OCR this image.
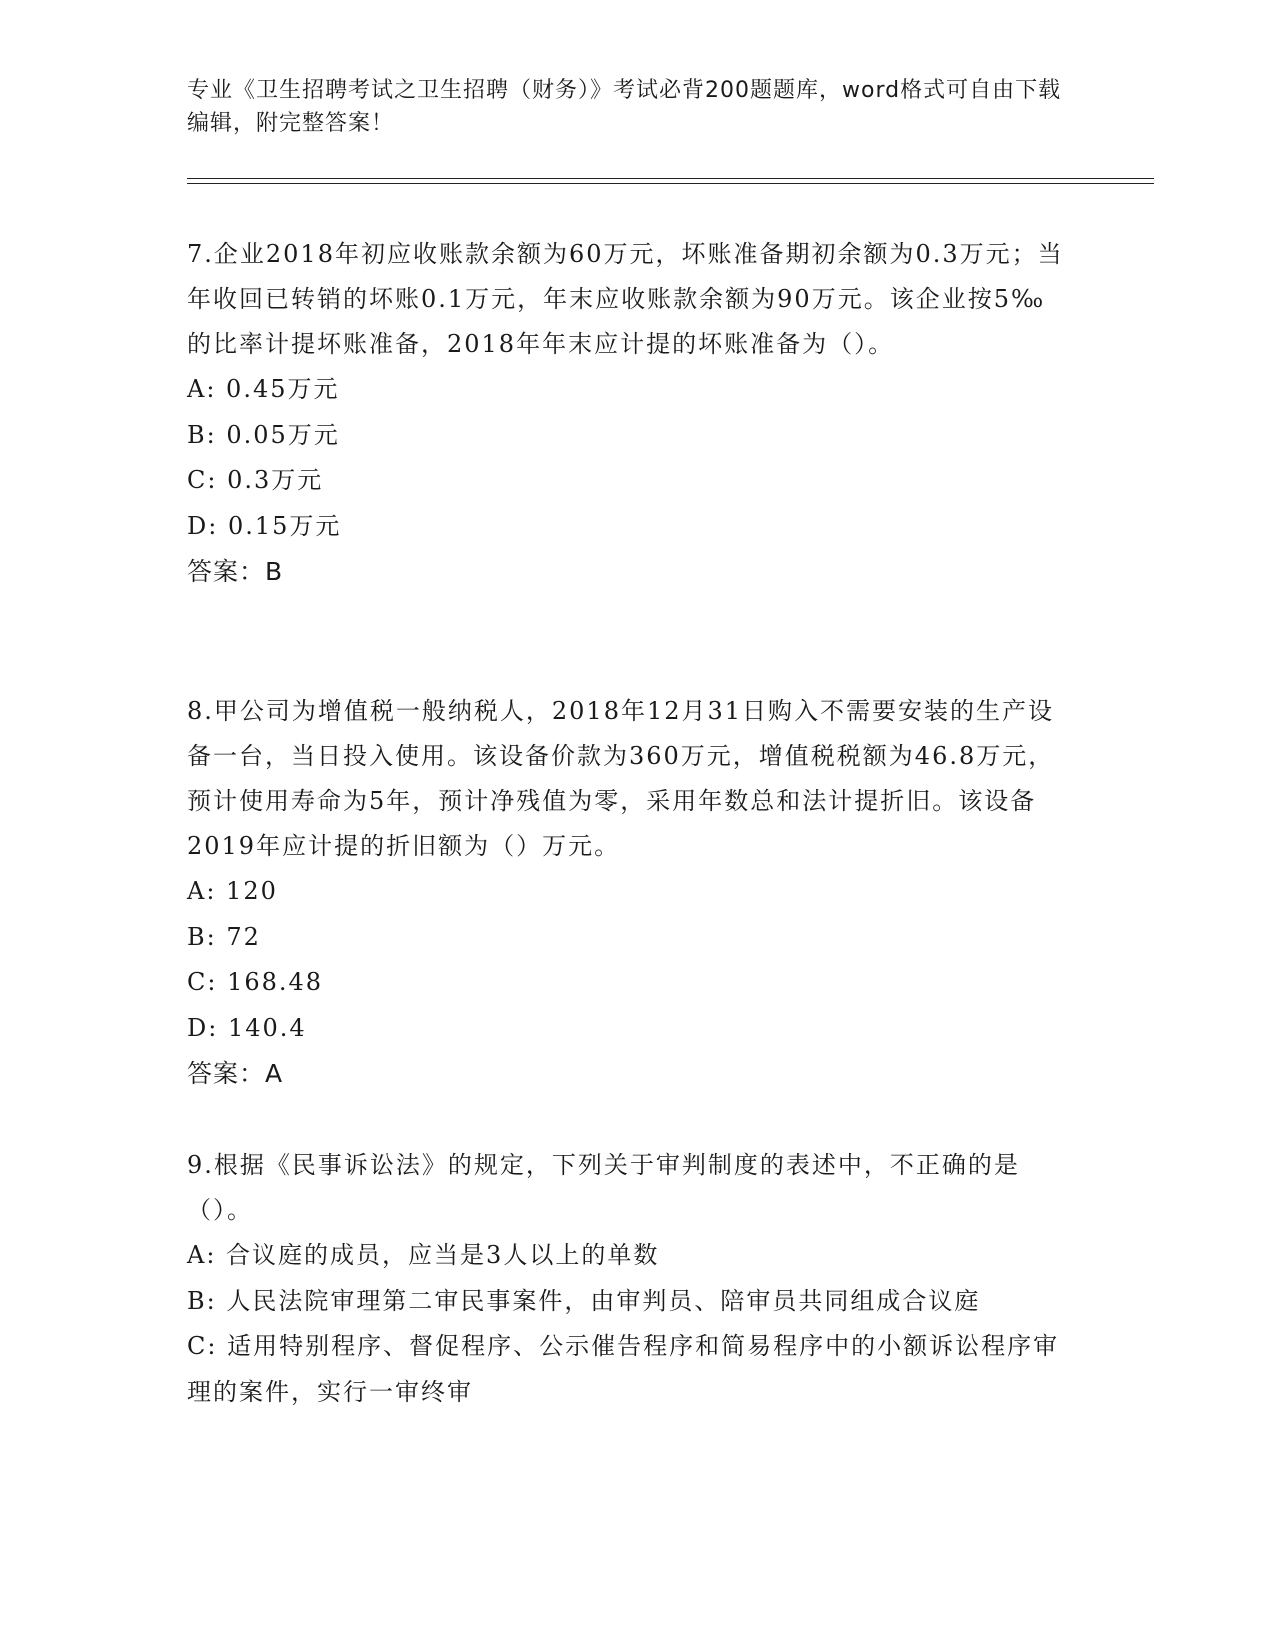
专业《卫生招聘考试之卫生招聘（财务）》考试必背200题题库，word格式可自由下载编辑，附完整答案！
7.企业2018年初应收账款余额为60万元，坏账准备期初余额为0.3万元；当年收回已转销的坏账0.1万元，年末应收账款余额为90万元。该企业按5‰的比率计提坏账准备，2018年年末应计提的坏账准备为（）。
A: 0.45万元
B: 0.05万元
C: 0.3万元
D: 0.15万元
答案：B
8.甲公司为增值税一般纳税人，2018年12月31日购入不需要安装的生产设备一台，当日投入使用。该设备价款为360万元，增值税税额为46.8万元，预计使用寿命为5年，预计净残值为零，采用年数总和法计提折旧。该设备2019年应计提的折旧额为（）万元。
A: 120
B: 72
C: 168.48
D: 140.4
答案：A
9.根据《民事诉讼法》的规定，下列关于审判制度的表述中，不正确的是（）。
A: 合议庭的成员，应当是3人以上的单数
B: 人民法院审理第二审民事案件，由审判员、陪审员共同组成合议庭
C: 适用特别程序、督促程序、公示催告程序和简易程序中的小额诉讼程序审理的案件，实行一审终审
